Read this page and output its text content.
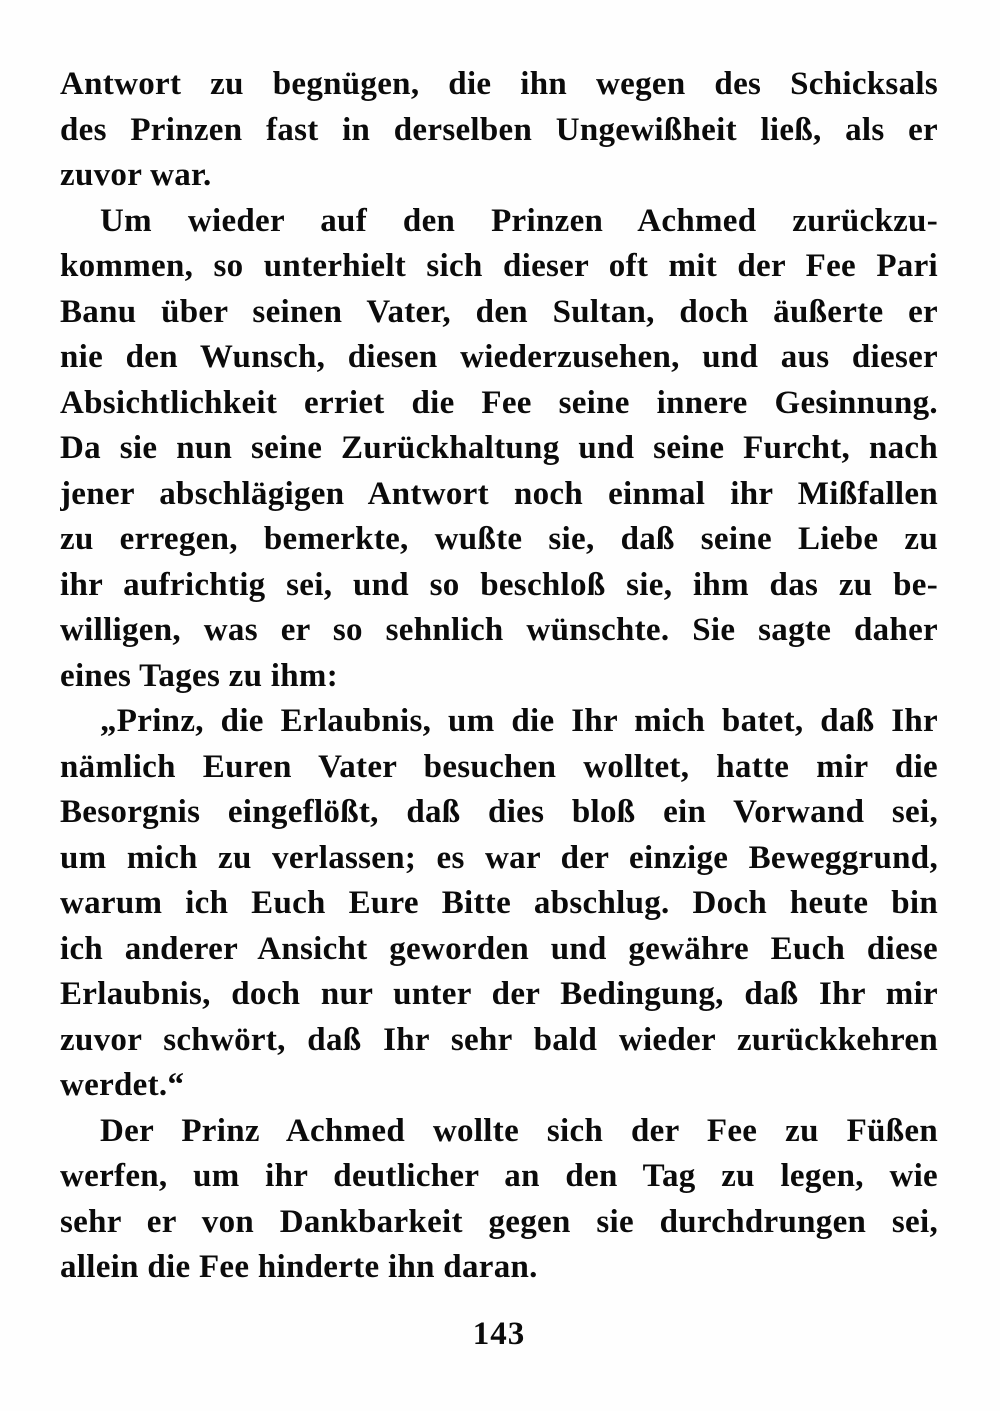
Antwort zu begnügen, die ihn wegen des Schicksals
des Prinzen fast in derselben Ungewißheit ließ, als er
zuvor war.
Um wieder auf den Prinzen Achmed zurückzu-
kommen, so unterhielt sich dieser oft mit der Fee Pari
Banu über seinen Vater, den Sultan, doch äußerte er
nie den Wunsch, diesen wiederzusehen, und aus dieser
Absichtlichkeit erriet die Fee seine innere Gesinnung.
Da sie nun seine Zurückhaltung und seine Furcht, nach
jener abschlägigen Antwort noch einmal ihr Mißfallen
zu erregen, bemerkte, wußte sie, daß seine Liebe zu
ihr aufrichtig sei, und so beschloß sie, ihm das zu be-
willigen, was er so sehnlich wünschte. Sie sagte daher
eines Tages zu ihm:
„Prinz, die Erlaubnis, um die Ihr mich batet, daß Ihr
nämlich Euren Vater besuchen wolltet, hatte mir die
Besorgnis eingeflößt, daß dies bloß ein Vorwand sei,
um mich zu verlassen; es war der einzige Beweggrund,
warum ich Euch Eure Bitte abschlug. Doch heute bin
ich anderer Ansicht geworden und gewähre Euch diese
Erlaubnis, doch nur unter der Bedingung, daß Ihr mir
zuvor schwört, daß Ihr sehr bald wieder zurückkehren
werdet.“
Der Prinz Achmed wollte sich der Fee zu Füßen
werfen, um ihr deutlicher an den Tag zu legen, wie
sehr er von Dankbarkeit gegen sie durchdrungen sei,
allein die Fee hinderte ihn daran.
143
